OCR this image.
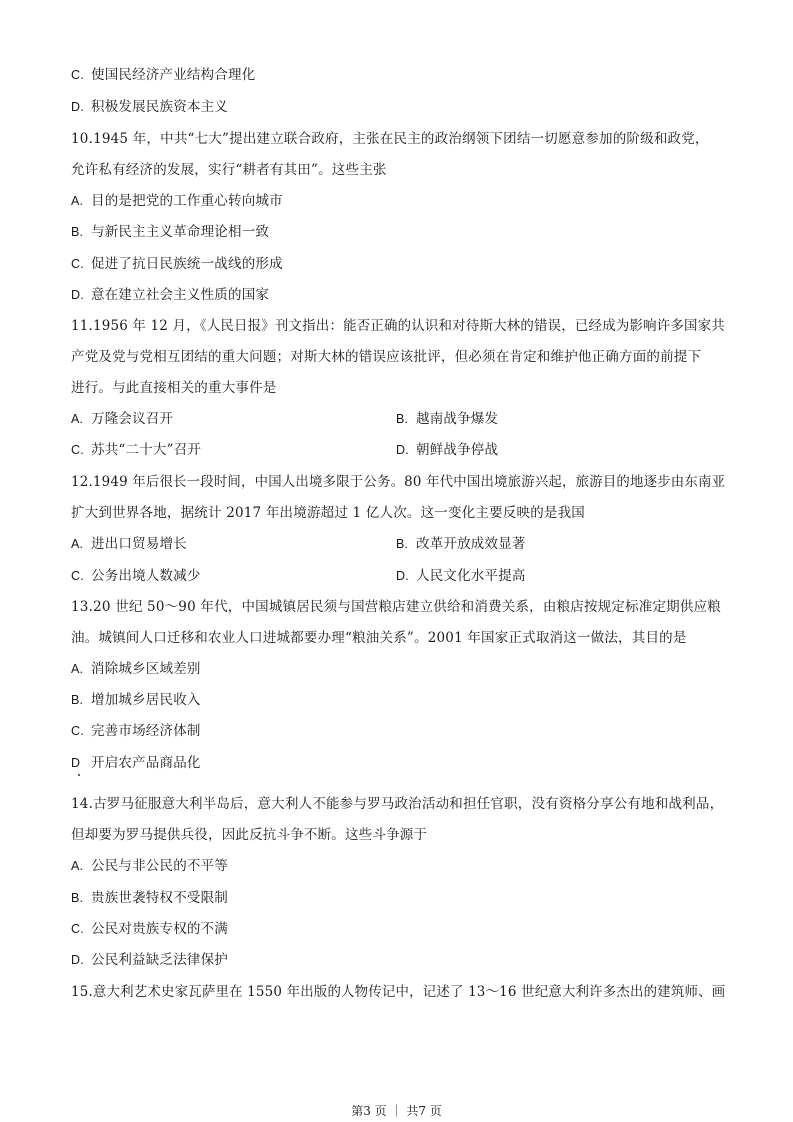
C. 使国民经济产业结构合理化
D. 积极发展民族资本主义
10.1945 年，中共“七大”提出建立联合政府，主张在民主的政治纲领下团结一切愿意参加的阶级和政党，
允许私有经济的发展，实行“耕者有其田”。这些主张
A. 目的是把党的工作重心转向城市
B. 与新民主主义革命理论相一致
C. 促进了抗日民族统一战线的形成
D. 意在建立社会主义性质的国家
11.1956 年 12 月，《人民日报》刊文指出：能否正确的认识和对待斯大林的错误，已经成为影响许多国家共
产党及党与党相互团结的重大问题；对斯大林的错误应该批评，但必须在肯定和维护他正确方面的前提下
进行。与此直接相关的重大事件是
A. 万隆会议召开	B. 越南战争爆发
C. 苏共“二十大”召开	D. 朝鲜战争停战
12.1949 年后很长一段时间，中国人出境多限于公务。80 年代中国出境旅游兴起，旅游目的地逐步由东南亚
扩大到世界各地，据统计 2017 年出境游超过 1 亿人次。这一变化主要反映的是我国
A. 进出口贸易增长	B. 改革开放成效显著
C. 公务出境人数减少	D. 人民文化水平提高
13.20 世纪 50～90 年代，中国城镇居民须与国营粮店建立供给和消费关系，由粮店按规定标准定期供应粮
油。城镇间人口迁移和农业人口进城都要办理“粮油关系”。2001 年国家正式取消这一做法，其目的是
A. 消除城乡区域差别
B. 增加城乡居民收入
C. 完善市场经济体制
D 开启农产品商品化
14.古罗马征服意大利半岛后，意大利人不能参与罗马政治活动和担任官职，没有资格分享公有地和战利品，
但却要为罗马提供兵役，因此反抗斗争不断。这些斗争源于
A. 公民与非公民的不平等
B. 贵族世袭特权不受限制
C. 公民对贵族专权的不满
D. 公民利益缺乏法律保护
15.意大利艺术史家瓦萨里在 1550 年出版的人物传记中，记述了 13～16 世纪意大利许多杰出的建筑师、画
第3 页 ｜ 共7 页
